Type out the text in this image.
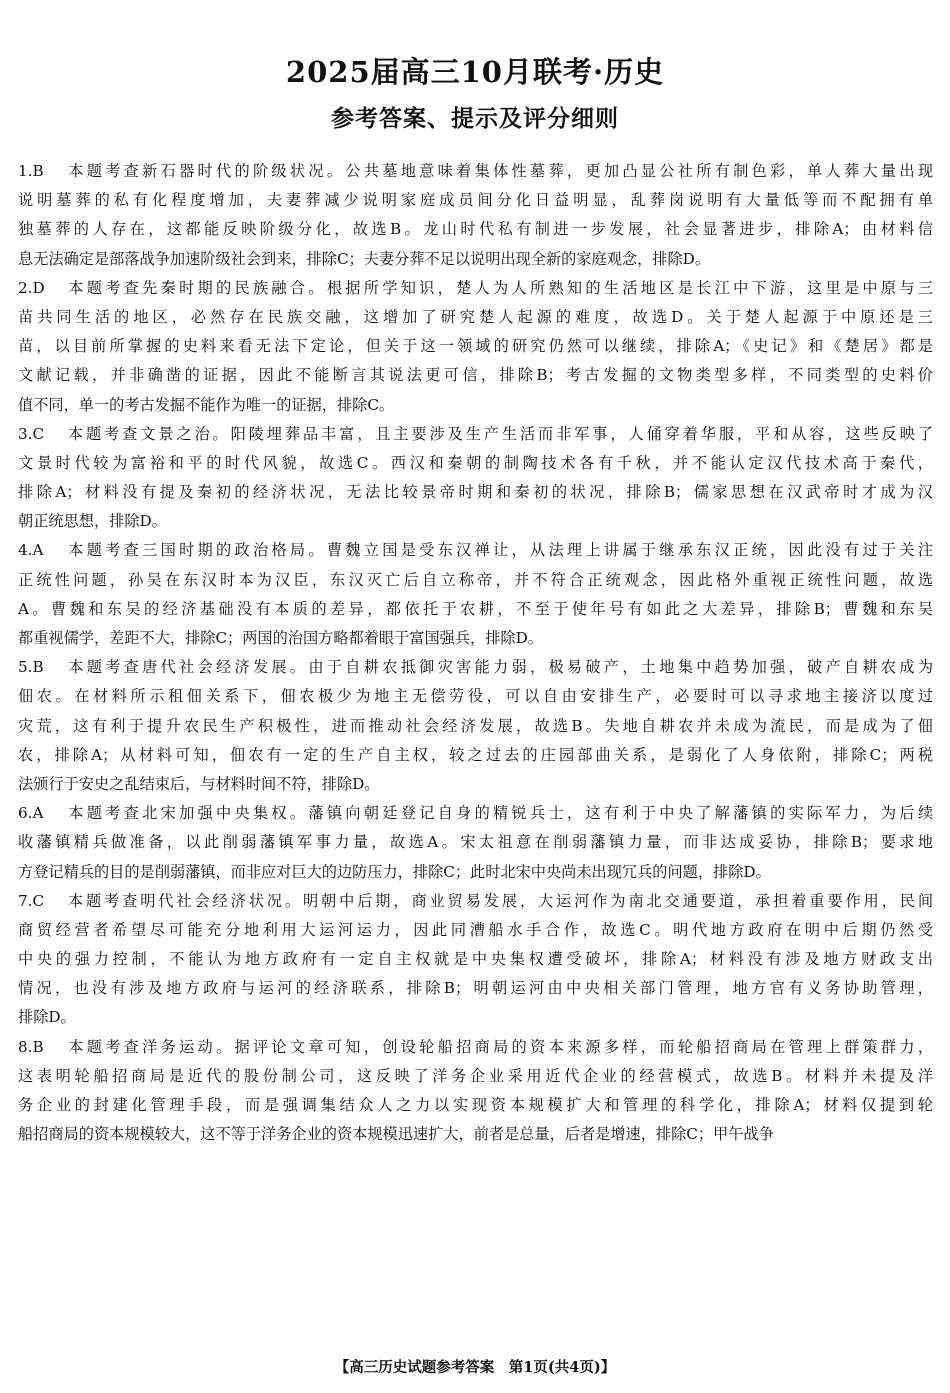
2025届高三10月联考·历史
参考答案、提示及评分细则
1.B 本题考查新石器时代的阶级状况。公共墓地意味着集体性墓葬，更加凸显公社所有制色彩，单人葬大量出现
说明墓葬的私有化程度增加，夫妻葬减少说明家庭成员间分化日益明显，乱葬岗说明有大量低等而不配拥有单
独墓葬的人存在，这都能反映阶级分化，故选B。龙山时代私有制进一步发展，社会显著进步，排除A；由材料信
息无法确定是部落战争加速阶级社会到来，排除C；夫妻分葬不足以说明出现全新的家庭观念，排除D。
2.D 本题考查先秦时期的民族融合。根据所学知识，楚人为人所熟知的生活地区是长江中下游，这里是中原与三
苗共同生活的地区，必然存在民族交融，这增加了研究楚人起源的难度，故选D。关于楚人起源于中原还是三
苗，以目前所掌握的史料来看无法下定论，但关于这一领域的研究仍然可以继续，排除A；《史记》和《楚居》都是
文献记载，并非确凿的证据，因此不能断言其说法更可信，排除B；考古发掘的文物类型多样，不同类型的史料价
值不同，单一的考古发掘不能作为唯一的证据，排除C。
3.C 本题考查文景之治。阳陵埋葬品丰富，且主要涉及生产生活而非军事，人俑穿着华服，平和从容，这些反映了
文景时代较为富裕和平的时代风貌，故选C。西汉和秦朝的制陶技术各有千秋，并不能认定汉代技术高于秦代，
排除A；材料没有提及秦初的经济状况，无法比较景帝时期和秦初的状况，排除B；儒家思想在汉武帝时才成为汉
朝正统思想，排除D。
4.A 本题考查三国时期的政治格局。曹魏立国是受东汉禅让，从法理上讲属于继承东汉正统，因此没有过于关注
正统性问题，孙吴在东汉时本为汉臣，东汉灭亡后自立称帝，并不符合正统观念，因此格外重视正统性问题，故选
A。曹魏和东吴的经济基础没有本质的差异，都依托于农耕，不至于使年号有如此之大差异，排除B；曹魏和东吴
都重视儒学，差距不大，排除C；两国的治国方略都着眼于富国强兵，排除D。
5.B 本题考查唐代社会经济发展。由于自耕农抵御灾害能力弱，极易破产，土地集中趋势加强，破产自耕农成为
佃农。在材料所示租佃关系下，佃农极少为地主无偿劳役，可以自由安排生产，必要时可以寻求地主接济以度过
灾荒，这有利于提升农民生产积极性，进而推动社会经济发展，故选B。失地自耕农并未成为流民，而是成为了佃
农，排除A；从材料可知，佃农有一定的生产自主权，较之过去的庄园部曲关系，是弱化了人身依附，排除C；两税
法颁行于安史之乱结束后，与材料时间不符，排除D。
6.A 本题考查北宋加强中央集权。藩镇向朝廷登记自身的精锐兵士，这有利于中央了解藩镇的实际军力，为后续
收藩镇精兵做准备，以此削弱藩镇军事力量，故选A。宋太祖意在削弱藩镇力量，而非达成妥协，排除B；要求地
方登记精兵的目的是削弱藩镇，而非应对巨大的边防压力，排除C；此时北宋中央尚未出现冗兵的问题，排除D。
7.C 本题考查明代社会经济状况。明朝中后期，商业贸易发展，大运河作为南北交通要道，承担着重要作用，民间
商贸经营者希望尽可能充分地利用大运河运力，因此同漕船水手合作，故选C。明代地方政府在明中后期仍然受
中央的强力控制，不能认为地方政府有一定自主权就是中央集权遭受破坏，排除A；材料没有涉及地方财政支出
情况，也没有涉及地方政府与运河的经济联系，排除B；明朝运河由中央相关部门管理，地方官有义务协助管理，
排除D。
8.B 本题考查洋务运动。据评论文章可知，创设轮船招商局的资本来源多样，而轮船招商局在管理上群策群力，
这表明轮船招商局是近代的股份制公司，这反映了洋务企业采用近代企业的经营模式，故选B。材料并未提及洋
务企业的封建化管理手段，而是强调集结众人之力以实现资本规模扩大和管理的科学化，排除A；材料仅提到轮
船招商局的资本规模较大，这不等于洋务企业的资本规模迅速扩大，前者是总量，后者是增速，排除C；甲午战争
【高三历史试题参考答案　第1页(共4页)】
